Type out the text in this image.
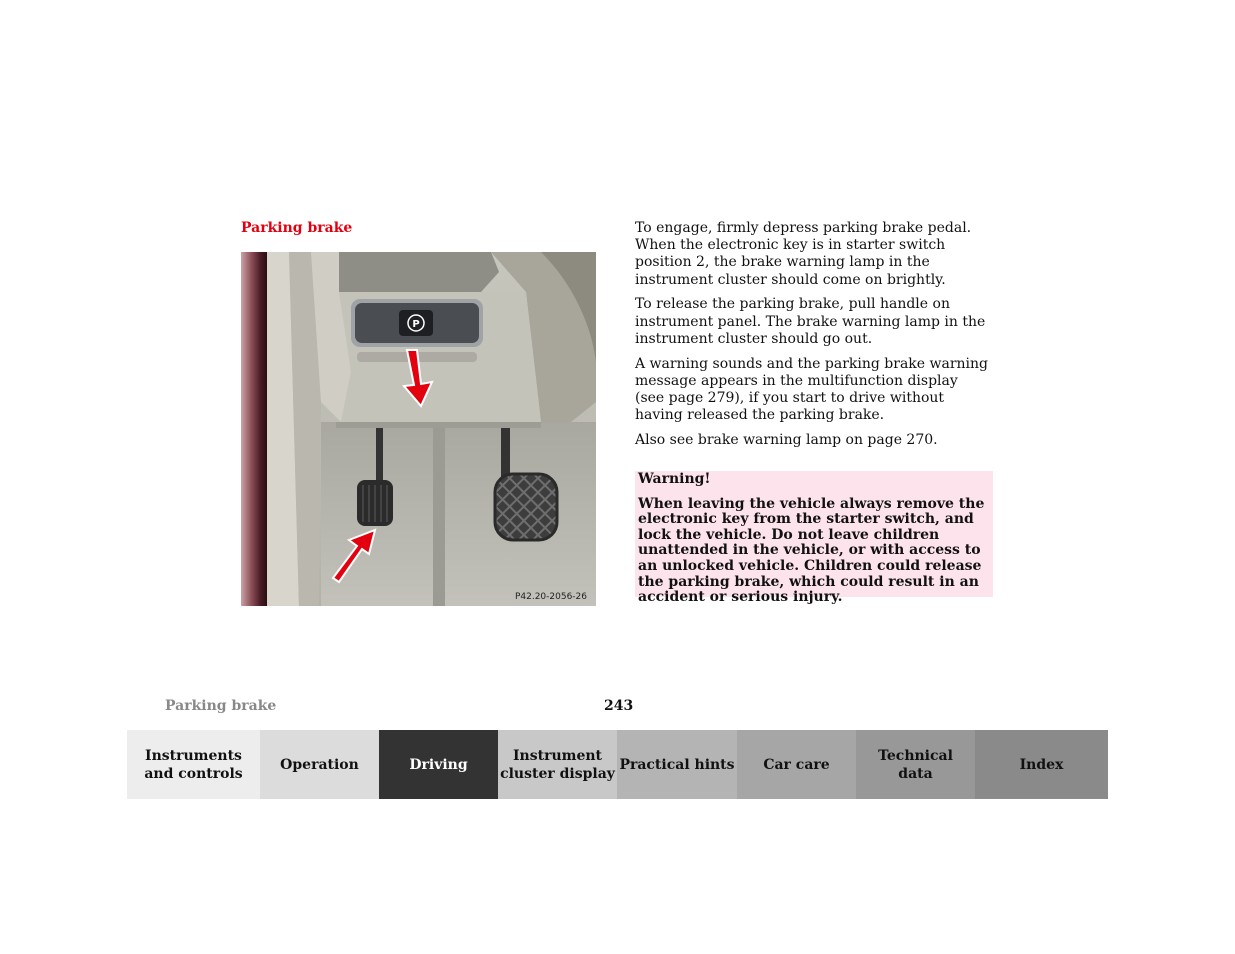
Parking brake
P
P42.20-2056-26

To engage, firmly depress parking brake pedal. When the electronic key is in starter switch position 2, the brake warning lamp in the instrument cluster should come on brightly.

To release the parking brake, pull handle on instrument panel. The brake warning lamp in the instrument cluster should go out.

A warning sounds and the parking brake warning message appears in the multifunction display
(see page 279), if you start to drive without having released the parking brake.

Also see brake warning lamp on page 270.

Warning!

When leaving the vehicle always remove the electronic key from the starter switch, and lock the vehicle. Do not leave children unattended in the vehicle, or with access to an unlocked vehicle. Children could release the parking brake, which could result in an accident or serious injury.

Parking brake	243
Instruments
and controls
Operation	Driving
Instrument
cluster display
Practical hints	Car care
Technical
data
Index
